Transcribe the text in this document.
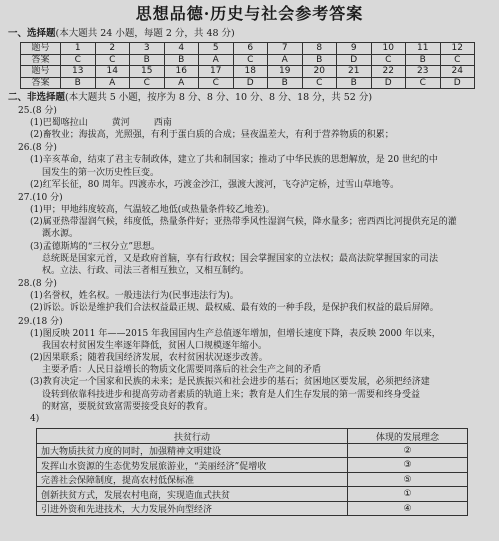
思想品德·历史与社会参考答案
一、选择题(本大题共 24 小题，每题 2 分，共 48 分)
题号	1	2	3	4	5	6	7	8	9	10	11	12
答案	C	C	B	B	A	C	A	B	D	C	B	C
题号	13	14	15	16	17	18	19	20	21	22	23	24
答案	B	A	C	A	C	D	B	C	B	D	C	D
二、非选择题(本大题共 5 小题，按序为 8 分、8 分、10 分、8 分、18 分，共 52 分)
25.(8 分)
(1)巴蜀喀拉山	黄河	西南
(2)畜牧业；海拔高，光照强，有利于蛋白质的合成；昼夜温差大，有利于营养物质的积累；
26.(8 分)
(1)辛亥革命，结束了君主专制政体，建立了共和制国家；推动了中华民族的思想解放，是 20 世纪的中
国发生的第一次历史性巨变。
(2)红军长征，80 周年。四渡赤水，巧渡金沙江，强渡大渡河，飞夺泸定桥，过雪山草地等。
27.(10 分)
(1)甲；甲地纬度较高，气温较乙地低(或热量条件较乙地差)。
(2)属亚热带湿润气候，纬度低，热量条件好；亚热带季风性湿润气候，降水量多；密西西比河提供充足的灌
溉水源。
(3)孟德斯鸠的“三权分立”思想。
总统既是国家元首，又是政府首脑，享有行政权；国会掌握国家的立法权；最高法院掌握国家的司法
权。立法、行政、司法三者相互独立，又相互制约。
28.(8 分)
(1)名誉权，姓名权。一般违法行为(民事违法行为)。
(2)诉讼。诉讼是维护我们合法权益最正规、最权威、最有效的一种手段，是保护我们权益的最后屏障。
29.(18 分)
(1)图反映 2011 年——2015 年我国国内生产总值逐年增加，但增长速度下降，表反映 2000 年以来，
我国农村贫困发生率逐年降低，贫困人口规模逐年缩小。
(2)因果联系；随着我国经济发展，农村贫困状况逐步改善。
主要矛盾：人民日益增长的物质文化需要同落后的社会生产之间的矛盾
(3)教育决定一个国家和民族的未来；是民族振兴和社会进步的基石；贫困地区要发展，必须把经济建
设转到依靠科技进步和提高劳动者素质的轨道上来；教育是人们生存发展的第一需要和终身受益
的财富，要脱贫致富需要接受良好的教育。
4)
扶贫行动	体现的发展理念
加大物质扶贫力度的同时，加强精神文明建设	②
发挥山水资源的生态优势发展旅游业，“美丽经济”促增收	③
完善社会保障制度，提高农村低保标准	⑤
创新扶贫方式，发展农村电商，实现造血式扶贫	①
引进外资和先进技术，大力发展外向型经济	④
